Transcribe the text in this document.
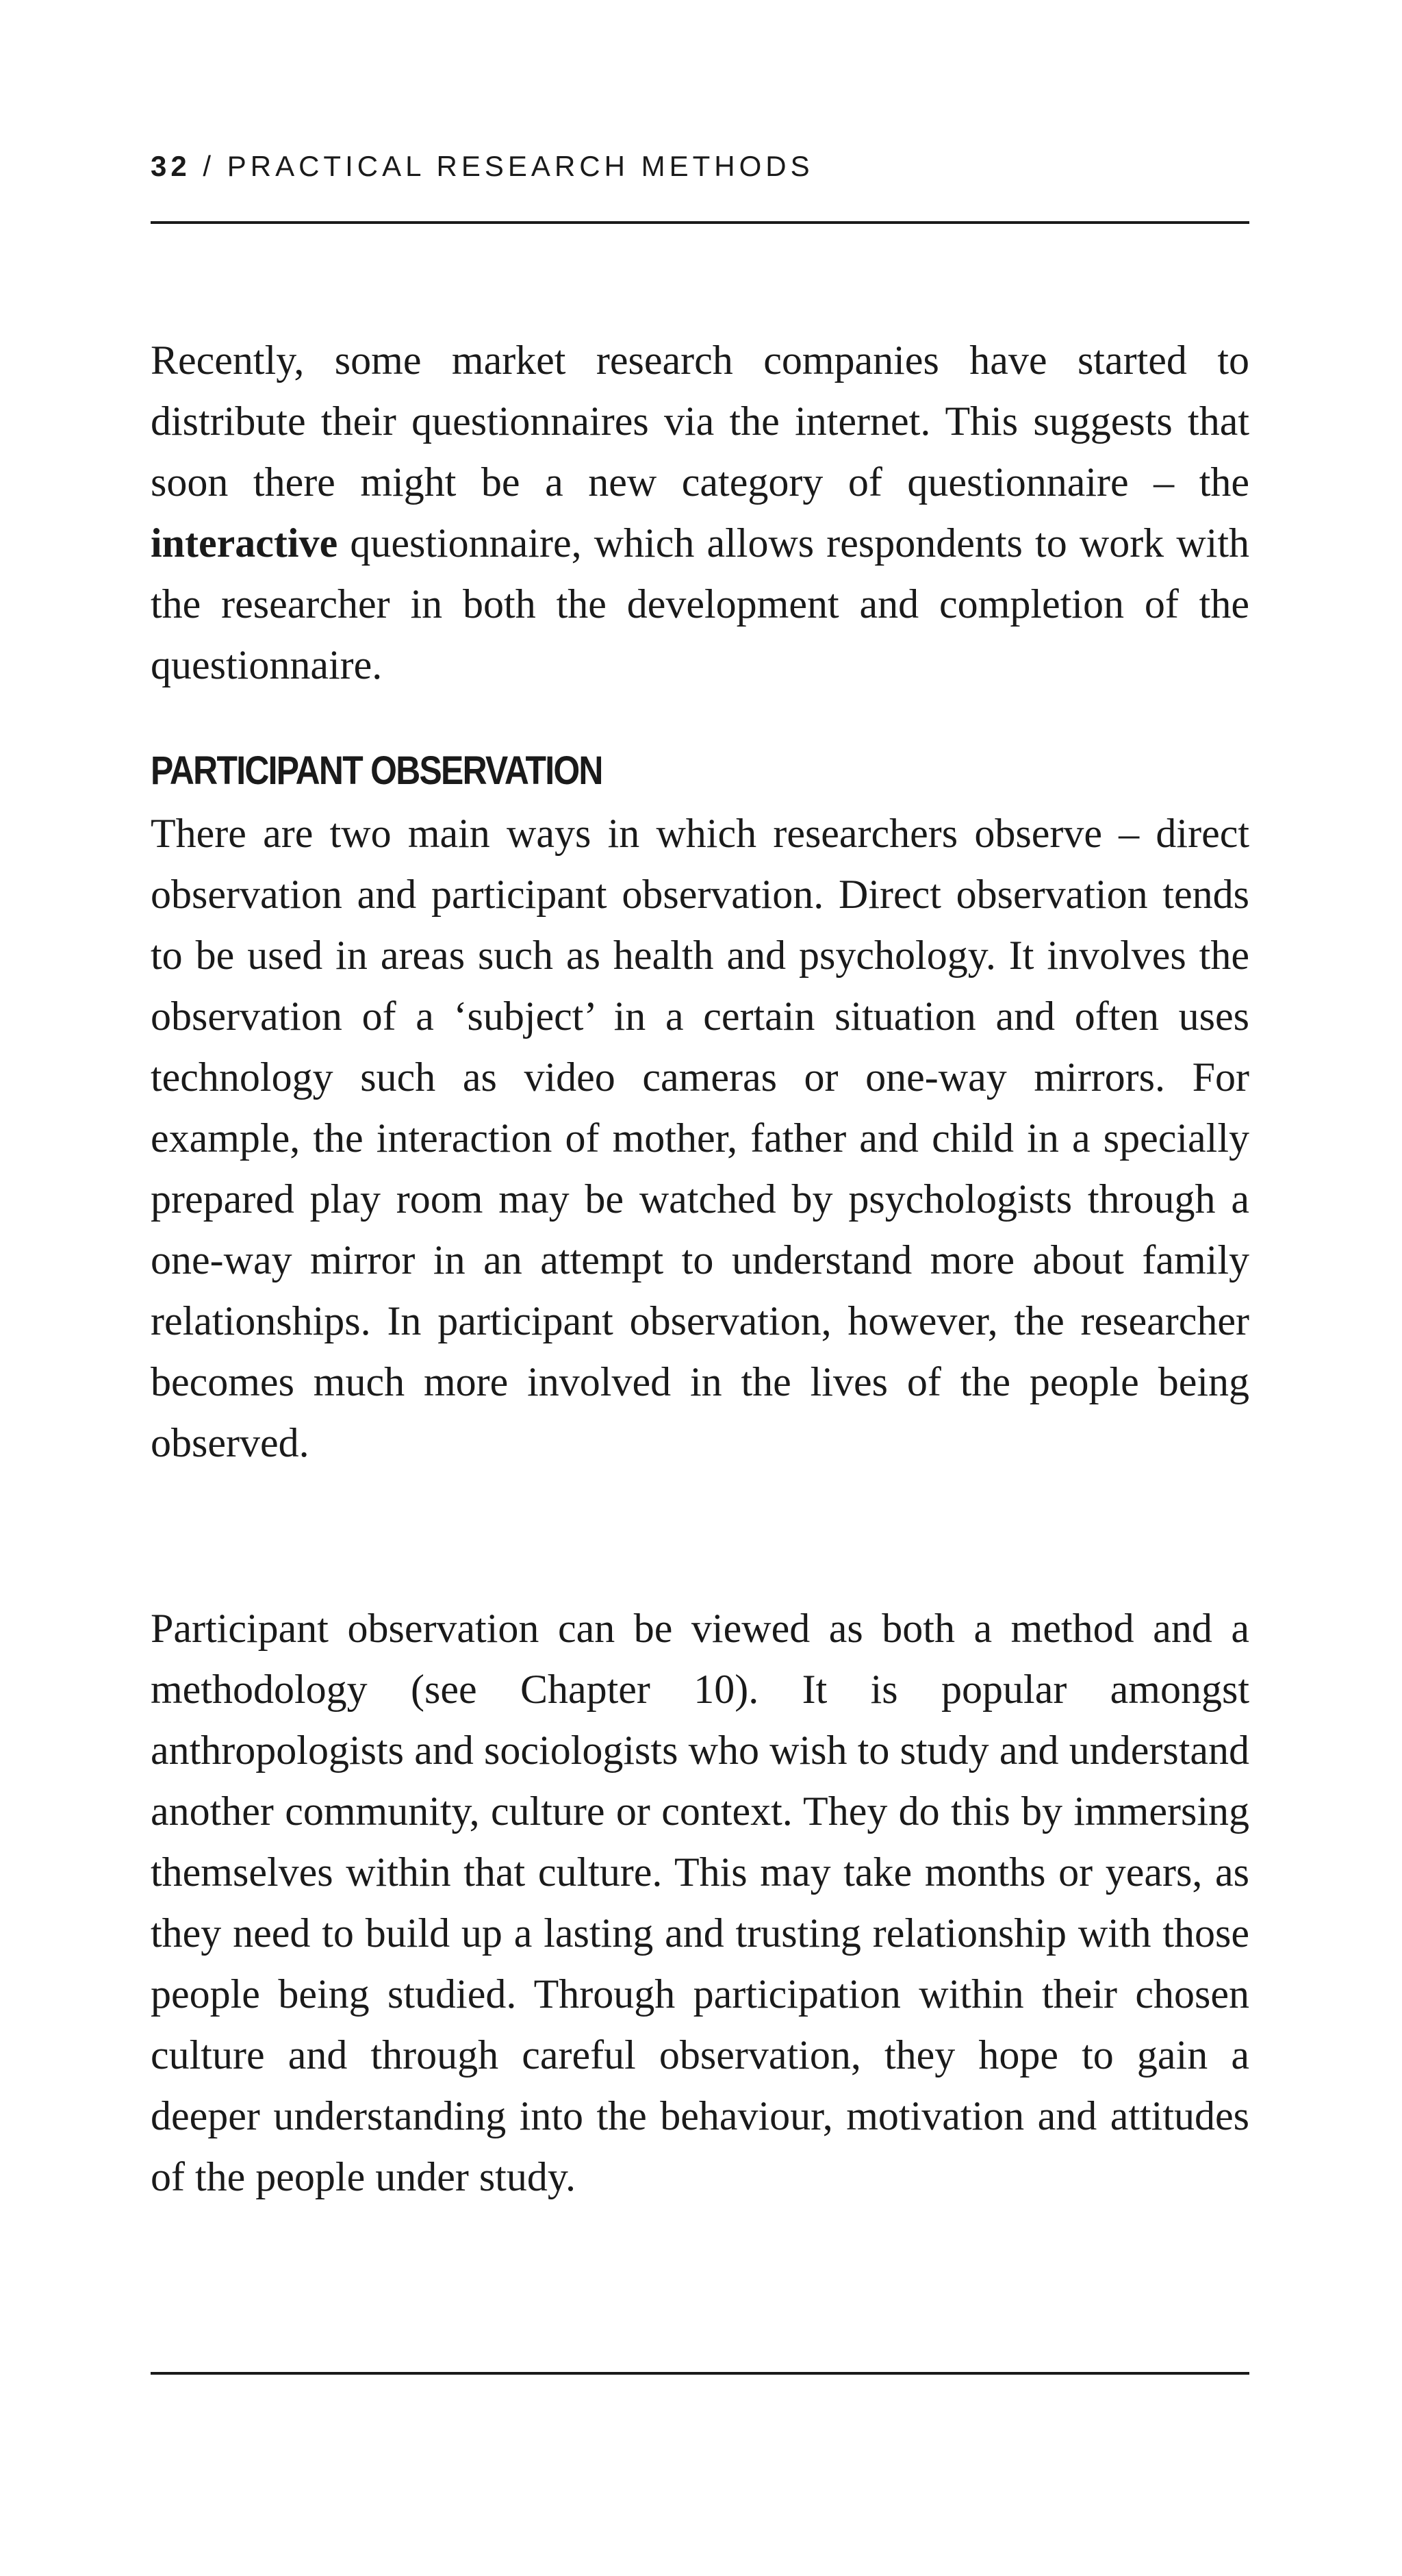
32 / PRACTICAL RESEARCH METHODS

Recently, some market research companies have started to distribute their questionnaires via the internet. This suggests that soon there might be a new category of questionnaire – the interactive questionnaire, which allows respondents to work with the researcher in both the development and completion of the questionnaire.

PARTICIPANT OBSERVATION

There are two main ways in which researchers observe – direct observation and participant observation. Direct observation tends to be used in areas such as health and psychology. It involves the observation of a ‘subject’ in a certain situation and often uses technology such as video cameras or one-way mirrors. For example, the interaction of mother, father and child in a specially prepared play room may be watched by psychologists through a one-way mirror in an attempt to understand more about family relationships. In participant observation, however, the researcher becomes much more involved in the lives of the people being observed.

Participant observation can be viewed as both a method and a methodology (see Chapter 10). It is popular amongst anthropologists and sociologists who wish to study and understand another community, culture or context. They do this by immersing themselves within that culture. This may take months or years, as they need to build up a lasting and trusting relationship with those people being studied. Through participation within their chosen culture and through careful observation, they hope to gain a deeper understanding into the behaviour, motivation and attitudes of the people under study.
